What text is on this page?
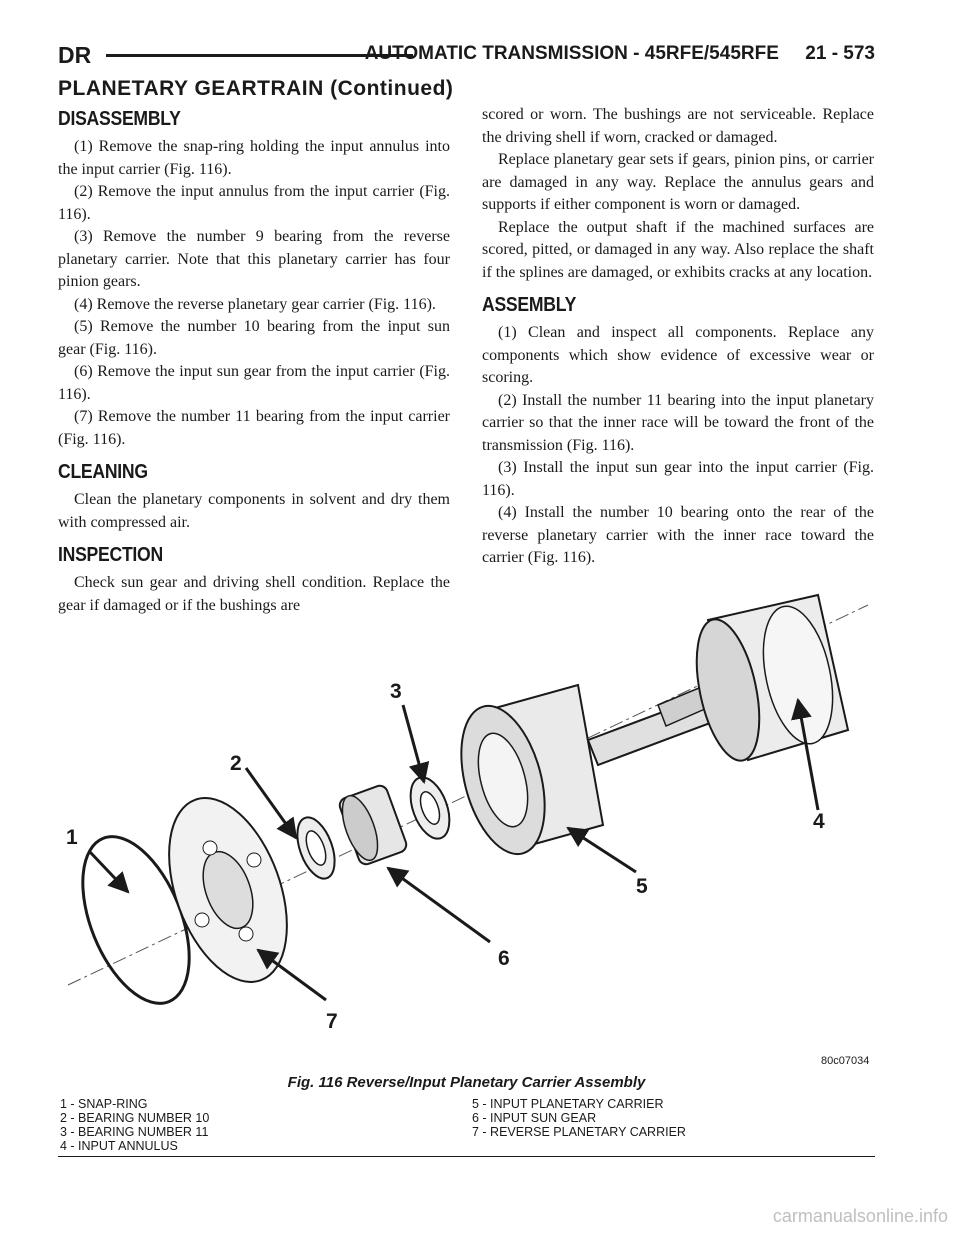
DR	AUTOMATIC TRANSMISSION - 45RFE/545RFE     21 - 573
PLANETARY GEARTRAIN (Continued)
DISASSEMBLY

(1) Remove the snap-ring holding the input annulus into the input carrier (Fig. 116).

(2) Remove the input annulus from the input carrier (Fig. 116).

(3) Remove the number 9 bearing from the reverse planetary carrier. Note that this planetary carrier has four pinion gears.

(4) Remove the reverse planetary gear carrier (Fig. 116).

(5) Remove the number 10 bearing from the input sun gear (Fig. 116).

(6) Remove the input sun gear from the input carrier (Fig. 116).

(7) Remove the number 11 bearing from the input carrier (Fig. 116).

CLEANING

Clean the planetary components in solvent and dry them with compressed air.

INSPECTION

Check sun gear and driving shell condition. Replace the gear if damaged or if the bushings are

scored or worn. The bushings are not serviceable. Replace the driving shell if worn, cracked or damaged.

Replace planetary gear sets if gears, pinion pins, or carrier are damaged in any way. Replace the annulus gears and supports if either component is worn or damaged.

Replace the output shaft if the machined surfaces are scored, pitted, or damaged in any way. Also replace the shaft if the splines are damaged, or exhibits cracks at any location.

ASSEMBLY

(1) Clean and inspect all components. Replace any components which show evidence of excessive wear or scoring.

(2) Install the number 11 bearing into the input planetary carrier so that the inner race will be toward the front of the transmission (Fig. 116).

(3) Install the input sun gear into the input carrier (Fig. 116).

(4) Install the number 10 bearing onto the rear of the reverse planetary carrier with the inner race toward the carrier (Fig. 116).

1
2
3
4
5
6
7
80c07034
Fig. 116 Reverse/Input Planetary Carrier Assembly
1 - SNAP-RING
2 - BEARING NUMBER 10
3 - BEARING NUMBER 11
4 - INPUT ANNULUS
5 - INPUT PLANETARY CARRIER
6 - INPUT SUN GEAR
7 - REVERSE PLANETARY CARRIER
carmanualsonline.info
